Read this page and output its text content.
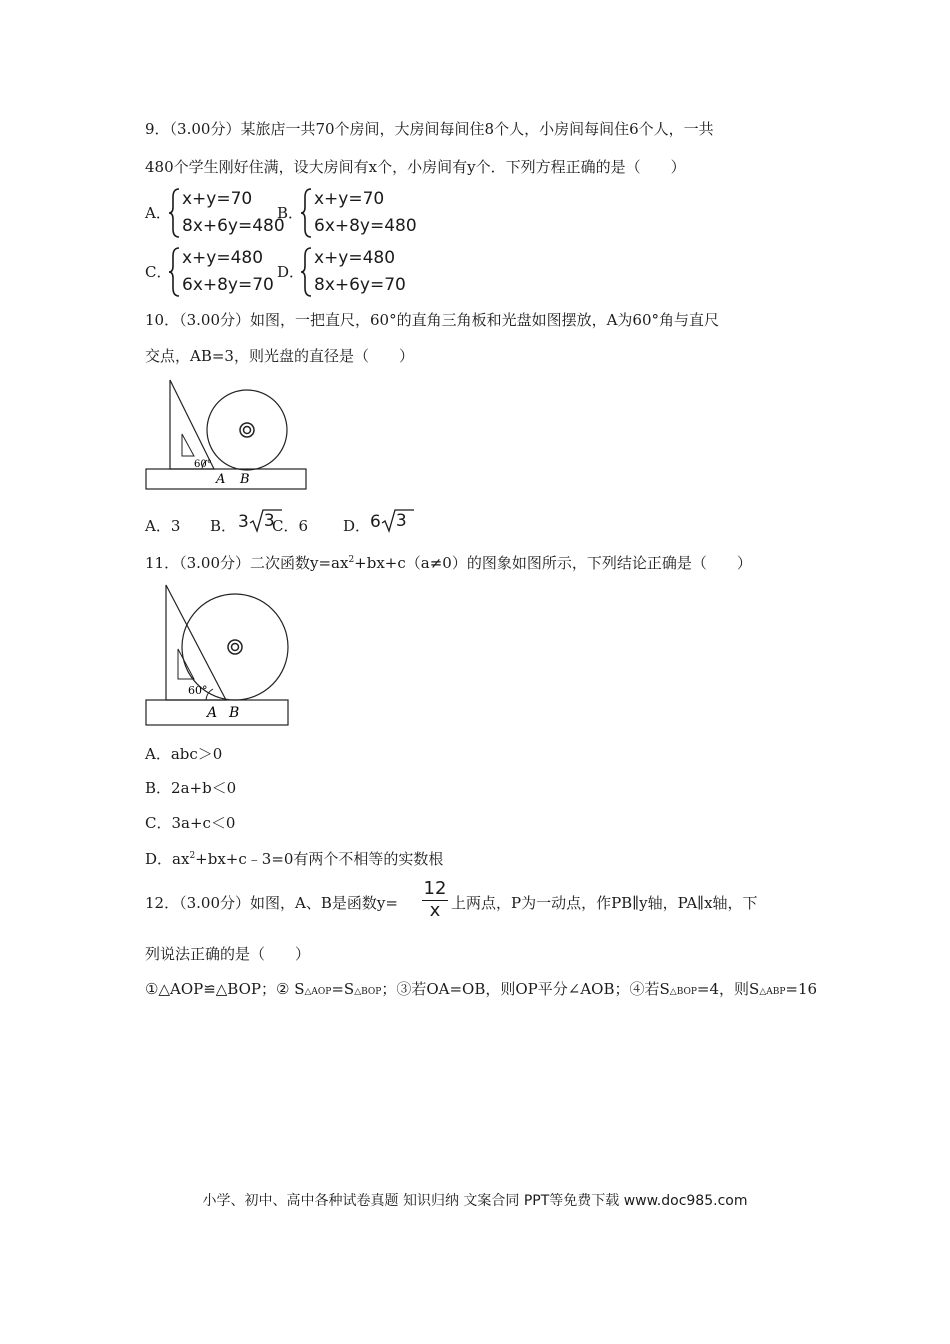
9．（3.00分）某旅店一共70个房间，大房间每间住8个人，小房间每间住6个人，一共
480个学生刚好住满，设大房间有x个，小房间有y个．下列方程正确的是（　　）
A．
x+y=70
8x+6y=480
B．
x+y=70
6x+8y=480
C．
x+y=480
6x+8y=70
D．
x+y=480
8x+6y=70
10．（3.00分）如图，一把直尺，60°的直角三角板和光盘如图摆放，A为60°角与直尺
交点，AB=3，则光盘的直径是（　　）
60°
A B
A．3 B． 3 3
C．6 D． 6 3
11．（3.00分）二次函数$y=ax^2+bx+c(a\ne 0)$的图象如图所示，下列结论正确是（　　）
60°
A B
A．abc＞0
B．2a+b＜0
C．3a+c＜0
D．$ax^2+bx+c﹣3=0$有两个不相等的实数根
12．（3.00分）如图，A、B是函数y=
12
x 上两点，P为一动点，作PB∥y轴，PA∥x轴，下
列说法正确的是（　　）
①△AOP≌△BOP；② S△AOP=S△BOP；③若OA=OB，则OP平分∠AOB；④若S△BOP=4，则S△ABP=16
小学、初中、高中各种试卷真题 知识归纳 文案合同 PPT等免费下载 www.doc985.com
